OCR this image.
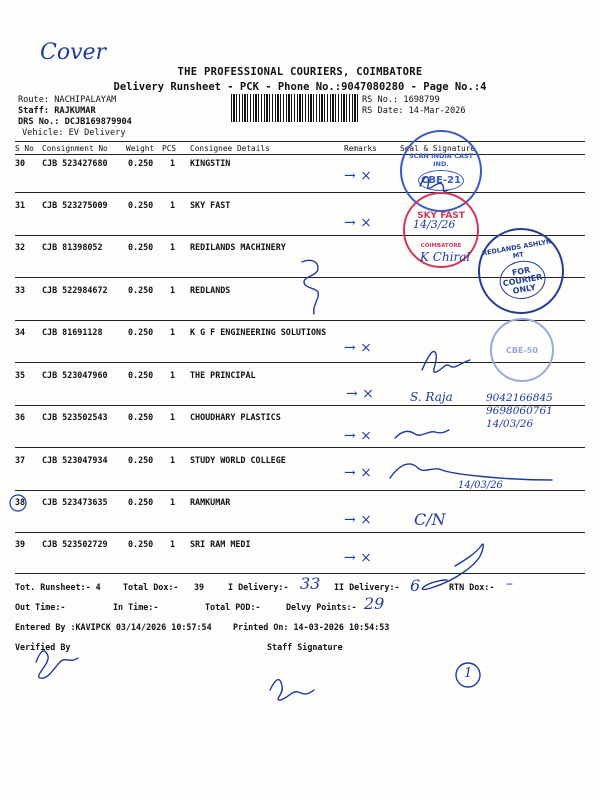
Cover
THE PROFESSIONAL COURIERS, COIMBATORE
Delivery Runsheet - PCK - Phone No.:9047080280 - Page No.:4
Route: NACHIPALAYAM
Staff: RAJKUMAR
DRS No.: DCJB169879904
Vehicle: EV Delivery
RS No.: 1698799
RS Date: 14-Mar-2026
S No Consignment No Weight PCS Consignee Details	Remarks	Seal & Signature
30 CJB 523427680 0.250 1 KINGSTIN
31 CJB 523275009 0.250 1 SKY FAST
32 CJB 81398052	0.250 1 REDILANDS MACHINERY
33 CJB 522984672 0.250 1 REDLANDS
34 CJB 81691128	0.250 1 K G F ENGINEERING SOLUTIONS
35 CJB 523047960 0.250 1 THE PRINCIPAL
36 CJB 523502543 0.250 1 CHOUDHARY PLASTICS
37 CJB 523047934 0.250 1 STUDY WORLD COLLEGE
38 CJB 523473635 0.250 1 RAMKUMAR
39 CJB 523502729 0.250 1 SRI RAM MEDI
SCAN INDIA CAST IND.
CBE-21
SKY FAST
COIMBATORE	REDLANDS ASHLYN MT
FOR COURIER ONLY
CBE-50
K Chiral
14/3/26
S. Raja	9042166845
9698060761
14/03/26
14/03/26
C/N
→ ×
→ ×
→ ×
→ ×
→ ×
→ ×
→ ×
→ ×
1
Tot. Runsheet:- 4	Total Dox:- 39	I Delivery:- 33 II Delivery:- 6	RTN Dox:- –
Out Time:-	In Time:-	Total POD:-	Delvy Points:- 29
Entered By :KAVIPCK 03/14/2026 10:57:54	Printed On: 14-03-2026 10:54:53
Verified By	Staff Signature
